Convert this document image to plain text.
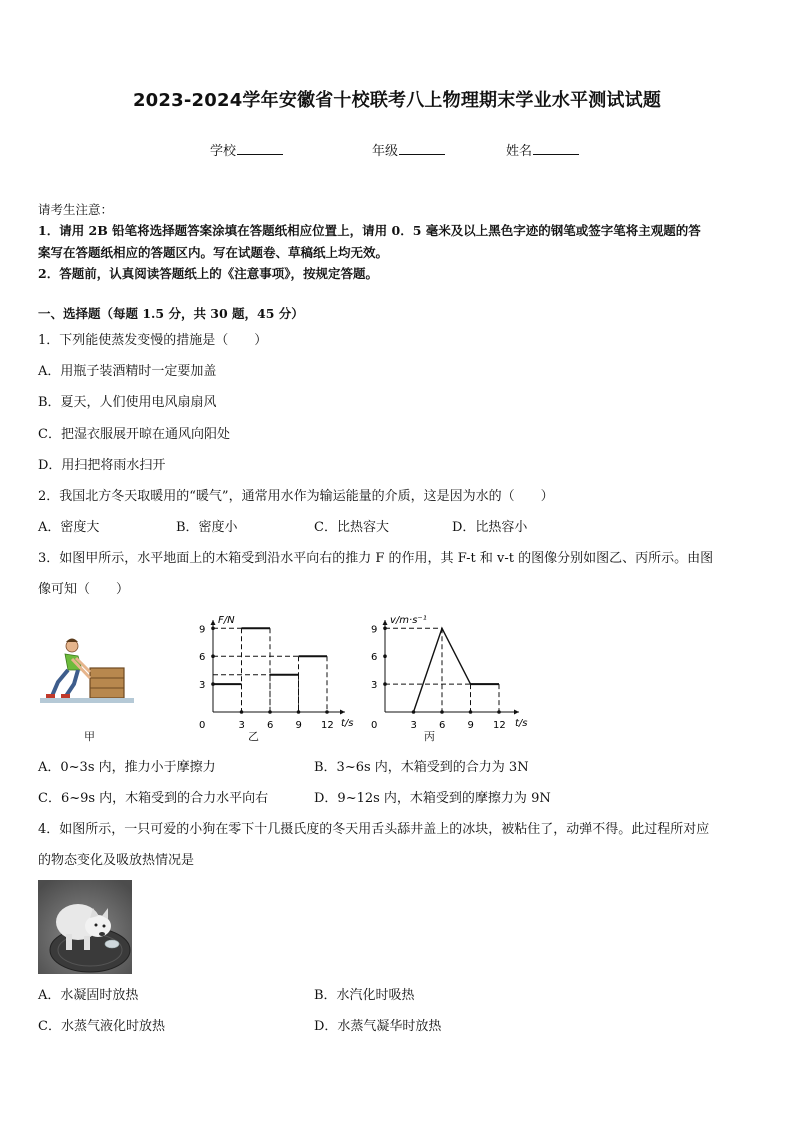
2023-2024学年安徽省十校联考八上物理期末学业水平测试试题
学校	年级	姓名
请考生注意：
1．请用 2B 铅笔将选择题答案涂填在答题纸相应位置上，请用 0．5 毫米及以上黑色字迹的钢笔或签字笔将主观题的答
案写在答题纸相应的答题区内。写在试题卷、草稿纸上均无效。
2．答题前，认真阅读答题纸上的《注意事项》，按规定答题。
一、选择题（每题 1.5 分，共 30 题，45 分）
1．下列能使蒸发变慢的措施是（　　）
A．用瓶子装酒精时一定要加盖
B．夏天，人们使用电风扇扇风
C．把湿衣服展开晾在通风向阳处
D．用扫把将雨水扫开
2．我国北方冬天取暖用的“暖气”，通常用水作为输运能量的介质，这是因为水的（　　）
A．密度大	B．密度小	C．比热容大	D．比热容小
3．如图甲所示，水平地面上的木箱受到沿水平向右的推力 F 的作用，其 F-t 和 v-t 的图像分别如图乙、丙所示。由图
像可知（　　）
甲
t/s
F/N
0	3 6 9 12
3
6
9
乙
t/s
v/m·s⁻¹
0	3 6 9 12
3
6
9
丙
A．0~3s 内，推力小于摩擦力	B．3~6s 内，木箱受到的合力为 3N
C．6~9s 内，木箱受到的合力水平向右	D．9~12s 内，木箱受到的摩擦力为 9N
4．如图所示，一只可爱的小狗在零下十几摄氏度的冬天用舌头舔井盖上的冰块，被粘住了，动弹不得。此过程所对应
的物态变化及吸放热情况是
A．水凝固时放热	B．水汽化时吸热
C．水蒸气液化时放热	D．水蒸气凝华时放热
